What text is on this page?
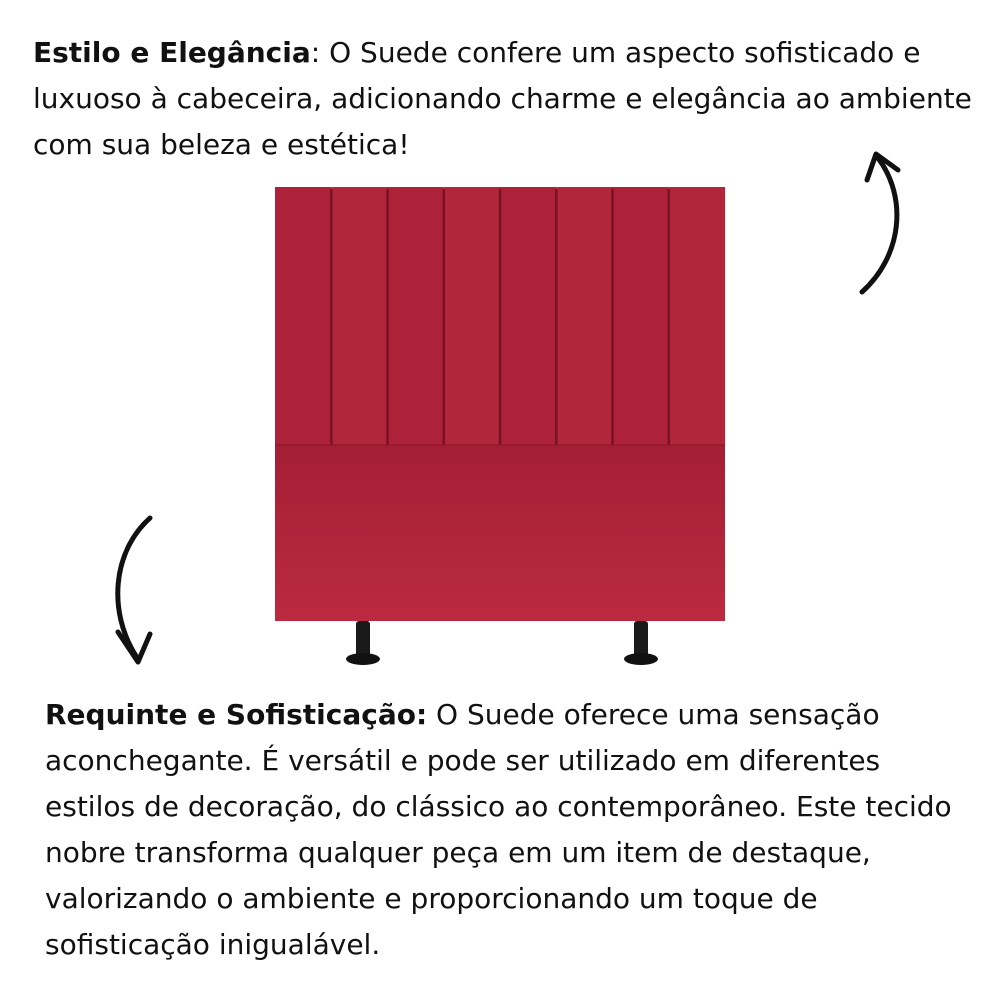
Estilo e Elegância: O Suede confere um aspecto sofisticado e luxuoso à cabeceira, adicionando charme e elegância ao ambiente com sua beleza e estética!

Requinte e Sofisticação: O Suede oferece uma sensação aconchegante. É versátil e pode ser utilizado em diferentes estilos de decoração, do clássico ao contemporâneo. Este tecido nobre transforma qualquer peça em um item de destaque, valorizando o ambiente e proporcionando um toque de sofisticação inigualável.
